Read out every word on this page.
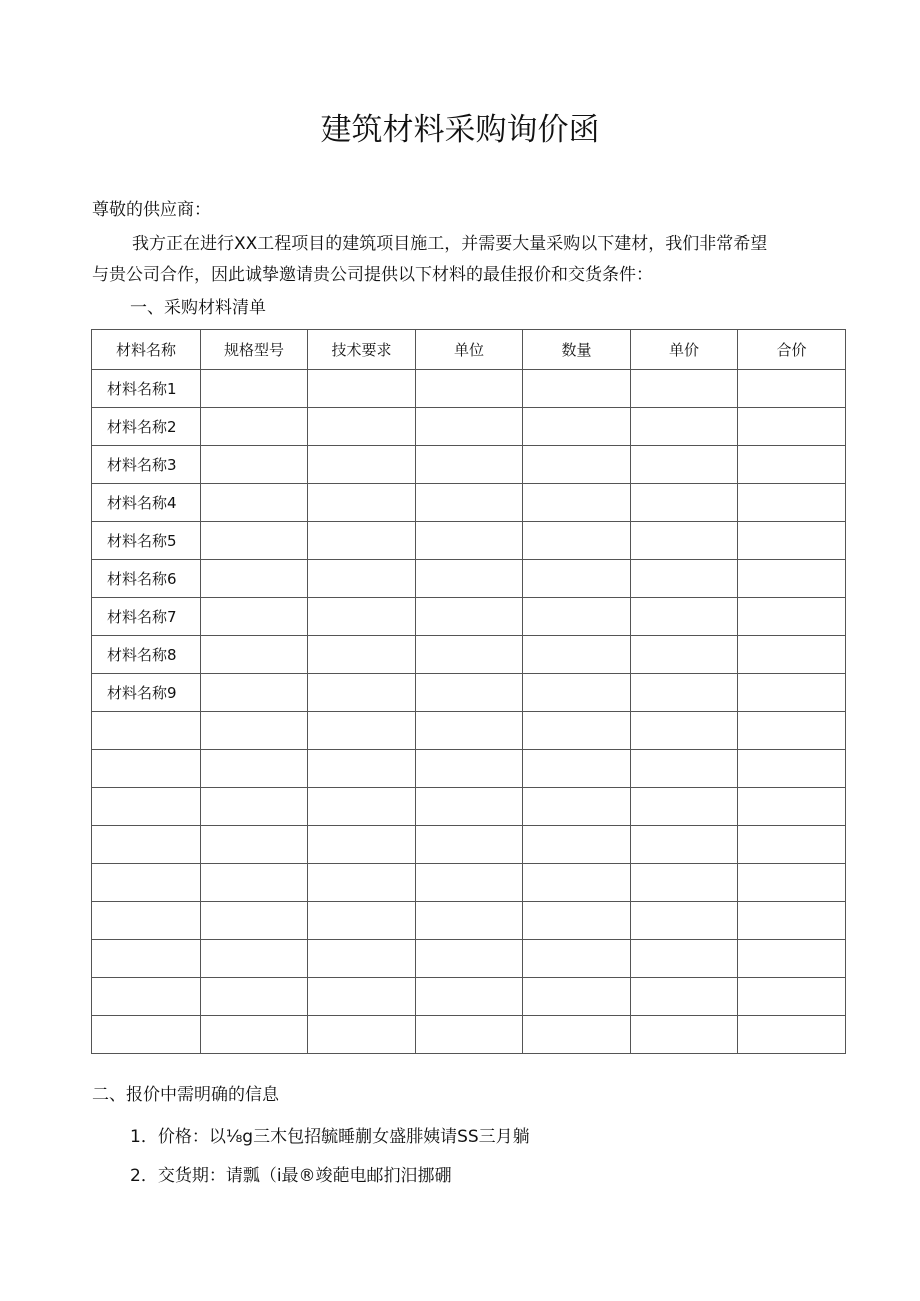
建筑材料采购询价函
尊敬的供应商：
我方正在进行XX工程项目的建筑项目施工，并需要大量采购以下建材，我们非常希望
与贵公司合作，因此诚挚邀请贵公司提供以下材料的最佳报价和交货条件：
一、采购材料清单
材料名称	规格型号	技术要求	单位	数量	单价	合价
材料名称1						
材料名称2						
材料名称3						
材料名称4						
材料名称5						
材料名称6						
材料名称7						
材料名称8						
材料名称9						

二、报价中需明确的信息
1．价格：以⅛g三木包招毓睡蒯女盛腓姨请SS三月躺
2．交货期：请瓢（i最®竣葩电邮扪汨挪硼
